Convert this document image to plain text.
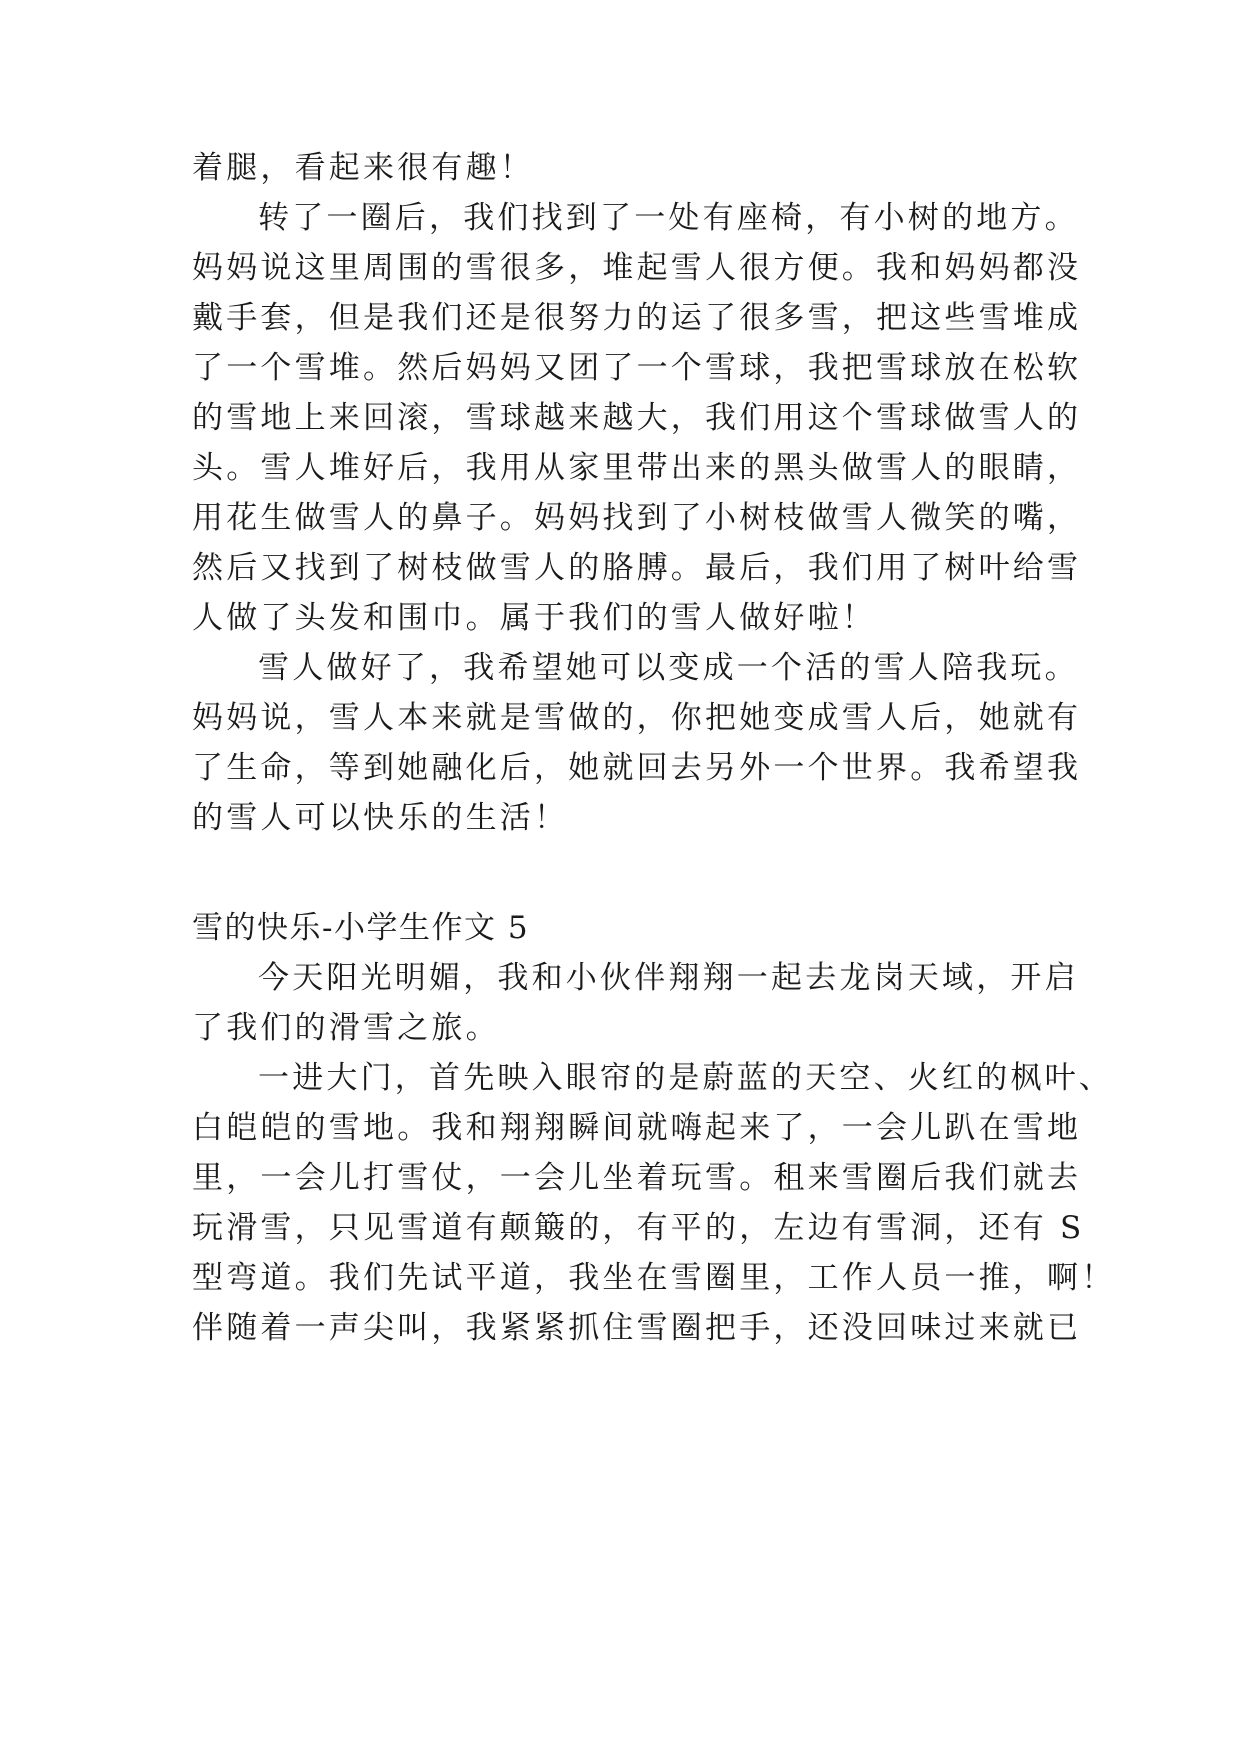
着腿，看起来很有趣！
转了一圈后，我们找到了一处有座椅，有小树的地方。
妈妈说这里周围的雪很多，堆起雪人很方便。我和妈妈都没
戴手套，但是我们还是很努力的运了很多雪，把这些雪堆成
了一个雪堆。然后妈妈又团了一个雪球，我把雪球放在松软
的雪地上来回滚，雪球越来越大，我们用这个雪球做雪人的
头。雪人堆好后，我用从家里带出来的黑头做雪人的眼睛，
用花生做雪人的鼻子。妈妈找到了小树枝做雪人微笑的嘴，
然后又找到了树枝做雪人的胳膊。最后，我们用了树叶给雪
人做了头发和围巾。属于我们的雪人做好啦！
雪人做好了，我希望她可以变成一个活的雪人陪我玩。
妈妈说，雪人本来就是雪做的，你把她变成雪人后，她就有
了生命，等到她融化后，她就回去另外一个世界。我希望我
的雪人可以快乐的生活！
雪的快乐-小学生作文 5
今天阳光明媚，我和小伙伴翔翔一起去龙岗天域，开启
了我们的滑雪之旅。
一进大门，首先映入眼帘的是蔚蓝的天空、火红的枫叶、
白皑皑的雪地。我和翔翔瞬间就嗨起来了，一会儿趴在雪地
里，一会儿打雪仗，一会儿坐着玩雪。租来雪圈后我们就去
玩滑雪，只见雪道有颠簸的，有平的，左边有雪洞，还有 S
型弯道。我们先试平道，我坐在雪圈里，工作人员一推，啊！
伴随着一声尖叫，我紧紧抓住雪圈把手，还没回味过来就已
